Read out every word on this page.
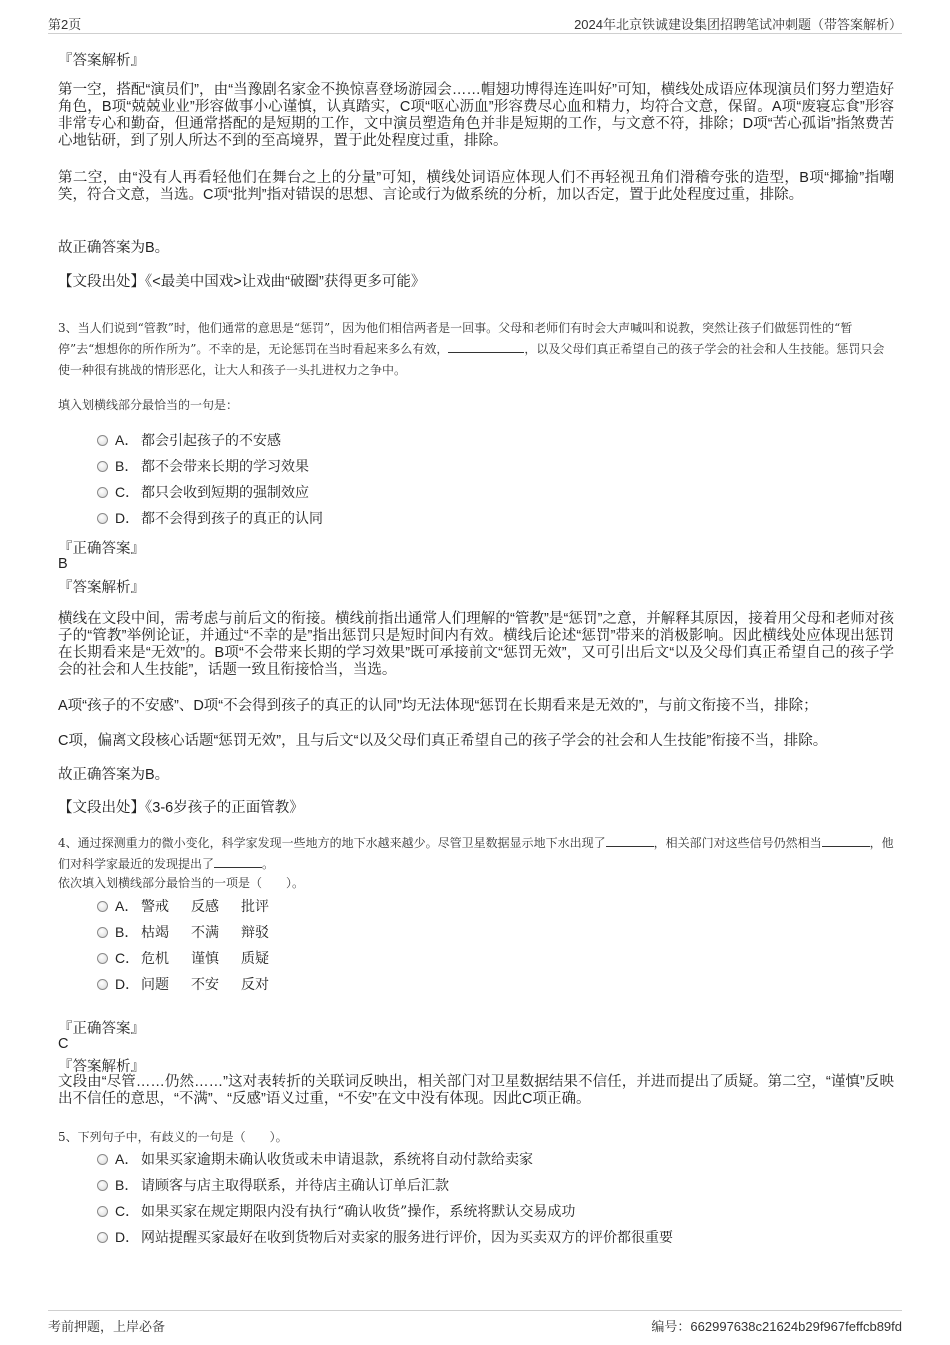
第2页	2024年北京铁诚建设集团招聘笔试冲刺题（带答案解析）
『答案解析』
第一空，搭配“演员们”，由“当豫剧名家金不换惊喜登场游园会……帽翅功博得连连叫好”可知，横线处成语应体现演员们努力塑造好角色，B项“兢兢业业”形容做事小心谨慎，认真踏实，C项“呕心沥血”形容费尽心血和精力，均符合文意，保留。A项“废寝忘食”形容非常专心和勤奋，但通常搭配的是短期的工作，文中演员塑造角色并非是短期的工作，与文意不符，排除；D项“苦心孤诣”指煞费苦心地钻研，到了别人所达不到的至高境界，置于此处程度过重，排除。
第二空，由“没有人再看轻他们在舞台之上的分量”可知，横线处词语应体现人们不再轻视丑角们滑稽夸张的造型，B项“揶揄”指嘲笑，符合文意，当选。C项“批判”指对错误的思想、言论或行为做系统的分析，加以否定，置于此处程度过重，排除。
故正确答案为B。
【文段出处】《<最美中国戏>让戏曲“破圈”获得更多可能》
3、当人们说到“管教”时，他们通常的意思是“惩罚”，因为他们相信两者是一回事。父母和老师们有时会大声喊叫和说教，突然让孩子们做惩罚性的“暂停”去“想想你的所作所为”。不幸的是，无论惩罚在当时看起来多么有效，	，以及父母们真正希望自己的孩子学会的社会和人生技能。惩罚只会使一种很有挑战的情形恶化，让大人和孩子一头扎进权力之争中。
填入划横线部分最恰当的一句是：
A． 都会引起孩子的不安感
B． 都不会带来长期的学习效果
C． 都只会收到短期的强制效应
D． 都不会得到孩子的真正的认同
『正确答案』
B
『答案解析』
横线在文段中间，需考虑与前后文的衔接。横线前指出通常人们理解的“管教”是“惩罚”之意，并解释其原因，接着用父母和老师对孩子的“管教”举例论证，并通过“不幸的是”指出惩罚只是短时间内有效。横线后论述“惩罚”带来的消极影响。因此横线处应体现出惩罚在长期看来是“无效”的。B项“不会带来长期的学习效果”既可承接前文“惩罚无效”，又可引出后文“以及父母们真正希望自己的孩子学会的社会和人生技能”，话题一致且衔接恰当，当选。
A项“孩子的不安感”、D项“不会得到孩子的真正的认同”均无法体现“惩罚在长期看来是无效的”，与前文衔接不当，排除；
C项，偏离文段核心话题“惩罚无效”，且与后文“以及父母们真正希望自己的孩子学会的社会和人生技能”衔接不当，排除。
故正确答案为B。
【文段出处】《3-6岁孩子的正面管教》
4、通过探测重力的微小变化，科学家发现一些地方的地下水越来越少。尽管卫星数据显示地下水出现了	，相关部门对这些信号仍然相当	，他们对科学家最近的发现提出了	。
依次填入划横线部分最恰当的一项是（　　）。
A． 警戒 反感 批评
B． 枯竭 不满 辩驳
C． 危机 谨慎 质疑
D． 问题 不安 反对
『正确答案』
C
『答案解析』
文段由“尽管……仍然……”这对表转折的关联词反映出，相关部门对卫星数据结果不信任，并进而提出了质疑。第二空，“谨慎”反映出不信任的意思，“不满”、“反感”语义过重，“不安”在文中没有体现。因此C项正确。
5、下列句子中，有歧义的一句是（　　）。
A． 如果买家逾期未确认收货或未申请退款，系统将自动付款给卖家
B． 请顾客与店主取得联系，并待店主确认订单后汇款
C． 如果买家在规定期限内没有执行“确认收货”操作，系统将默认交易成功
D． 网站提醒买家最好在收到货物后对卖家的服务进行评价，因为买卖双方的评价都很重要
考前押题，上岸必备	编号：662997638c21624b29f967feffcb89fd
